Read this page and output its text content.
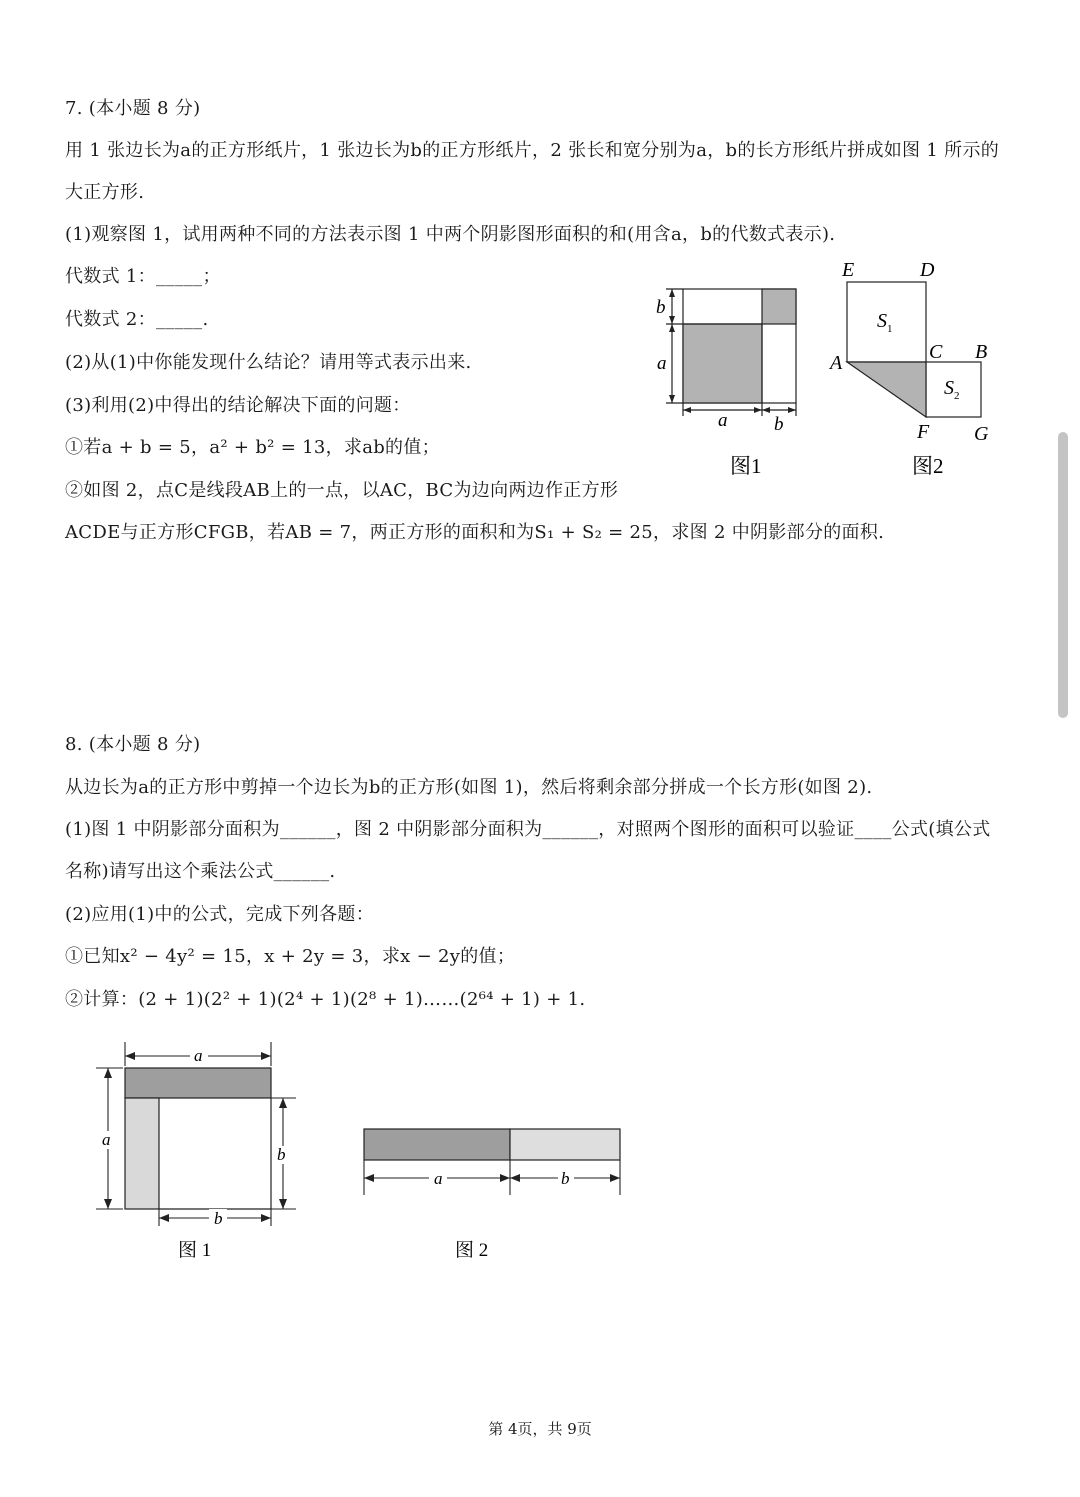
7. (本小题 8 分)
用 1 张边长为a的正方形纸片，1 张边长为b的正方形纸片，2 张长和宽分别为a，b的长方形纸片拼成如图 1 所示的
大正方形.
(1)观察图 1，试用两种不同的方法表示图 1 中两个阴影图形面积的和(用含a，b的代数式表示).
代数式 1：_____；
代数式 2：_____.
(2)从(1)中你能发现什么结论？请用等式表示出来.
(3)利用(2)中得出的结论解决下面的问题：
①若a + b = 5，a² + b² = 13，求ab的值；
②如图 2，点C是线段AB上的一点，以AC，BC为边向两边作正方形
ACDE与正方形CFGB，若AB = 7，两正方形的面积和为S₁ + S₂ = 25，求图 2 中阴影部分的面积.
b
a
a b
图1
E	D
A	C B
F G
$S_1$
$S_2$
图2
8. (本小题 8 分)
从边长为a的正方形中剪掉一个边长为b的正方形(如图 1)，然后将剩余部分拼成一个长方形(如图 2).
(1)图 1 中阴影部分面积为______，图 2 中阴影部分面积为______，对照两个图形的面积可以验证____公式(填公式
名称)请写出这个乘法公式______.
(2)应用(1)中的公式，完成下列各题：
①已知x² − 4y² = 15，x + 2y = 3，求x − 2y的值；
②计算：(2 + 1)(2² + 1)(2⁴ + 1)(2⁸ + 1)……(2⁶⁴ + 1) + 1.
a
a
b
b
图 1
a	b
图 2
第 4页，共 9页
